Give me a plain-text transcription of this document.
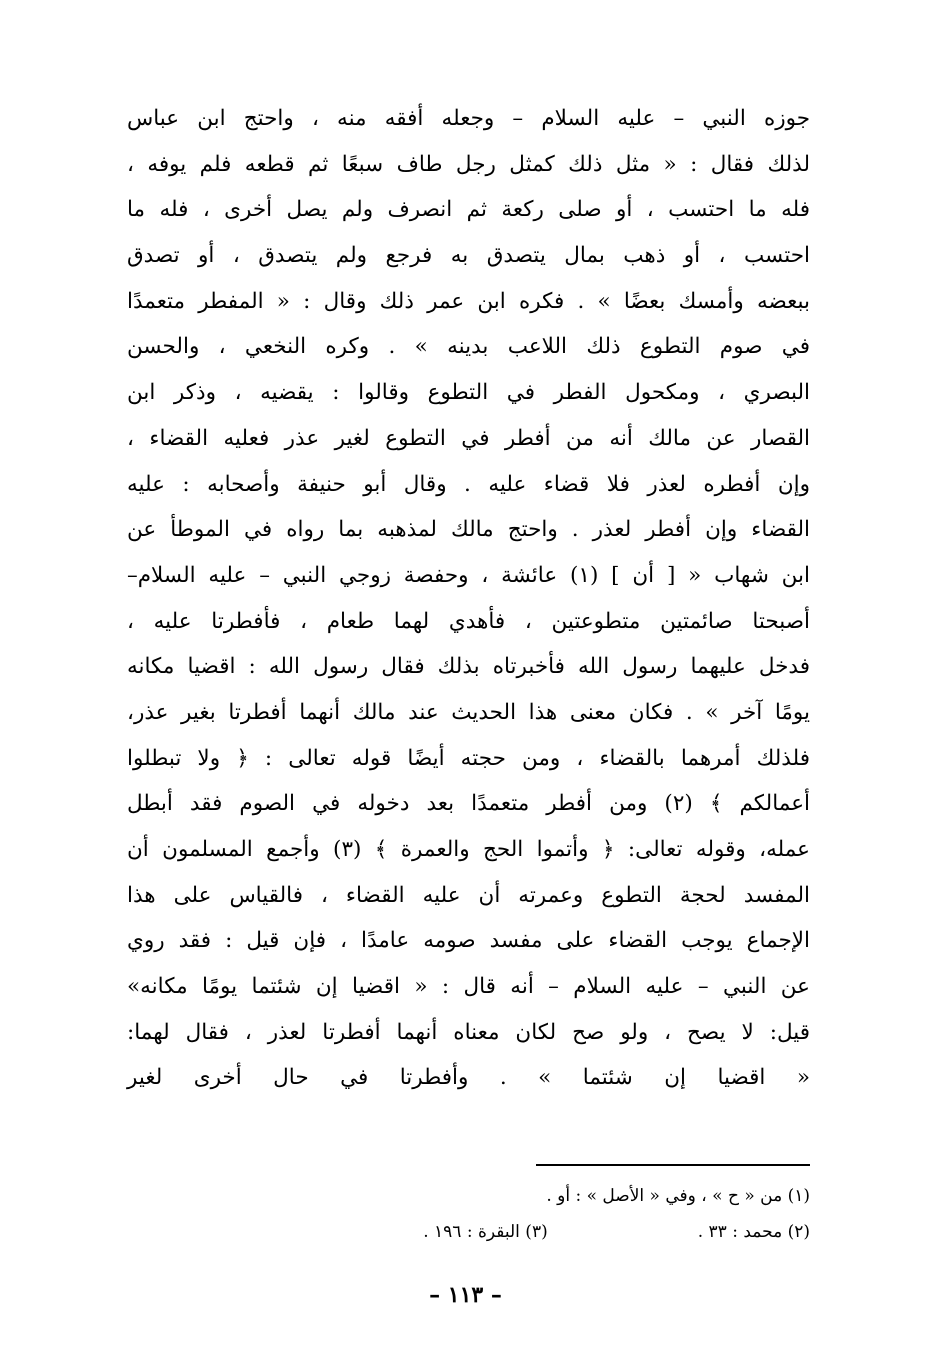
جوزه النبي – عليه السلام – وجعله أفقه منه ، واحتج ابن عباس
لذلك فقال : « مثل ذلك كمثل رجل طاف سبعًا ثم قطعه فلم يوفه ،
فله ما احتسب ، أو صلى ركعة ثم انصرف ولم يصل أخرى ، فله ما
احتسب ، أو ذهب بمال يتصدق به فرجع ولم يتصدق ، أو تصدق
ببعضه وأمسك بعضًا » . فكره ابن عمر ذلك وقال : « المفطر متعمدًا
في صوم التطوع ذلك اللاعب بدينه » . وكره النخعي ، والحسن
البصري ، ومكحول الفطر في التطوع وقالوا : يقضيه ، وذكر ابن
القصار عن مالك أنه من أفطر في التطوع لغير عذر فعليه القضاء ،
وإن أفطره لعذر فلا قضاء عليه . وقال أبو حنيفة وأصحابه : عليه
القضاء وإن أفطر لعذر . واحتج مالك لمذهبه بما رواه في الموطأ عن
ابن شهاب « [ أن ] (١) عائشة ، وحفصة زوجي النبي – عليه السلام–
أصبحتا صائمتين متطوعتين ، فأهدي لهما طعام ، فأفطرتا عليه ،
فدخل عليهما رسول الله فأخبرتاه بذلك فقال رسول الله : اقضيا مكانه
يومًا آخر » . فكان معنى هذا الحديث عند مالك أنهما أفطرتا بغير عذر،
فلذلك أمرهما بالقضاء ، ومن حجته أيضًا قوله تعالى : ﴿ ولا تبطلوا
أعمالكم ﴾ (٢) ومن أفطر متعمدًا بعد دخوله في الصوم فقد أبطل
عمله، وقوله تعالى: ﴿ وأتموا الحج والعمرة ﴾ (٣) وأجمع المسلمون أن
المفسد لحجة التطوع وعمرته أن عليه القضاء ، فالقياس على هذا
الإجماع يوجب القضاء على مفسد صومه عامدًا ، فإن قيل : فقد روي
عن النبي – عليه السلام – أنه قال : « اقضيا إن شئتما يومًا مكانه»
قيل: لا يصح ، ولو صح لكان معناه أنهما أفطرتا لعذر ، فقال لهما:
« اقضيا إن شئتما » . وأفطرتا في حال أخرى لغير
(١) من « ح » ، وفي « الأصل » : أو .
(٢) محمد : ٣٣ .
(٣) البقرة : ١٩٦ .
– ١١٣ –
